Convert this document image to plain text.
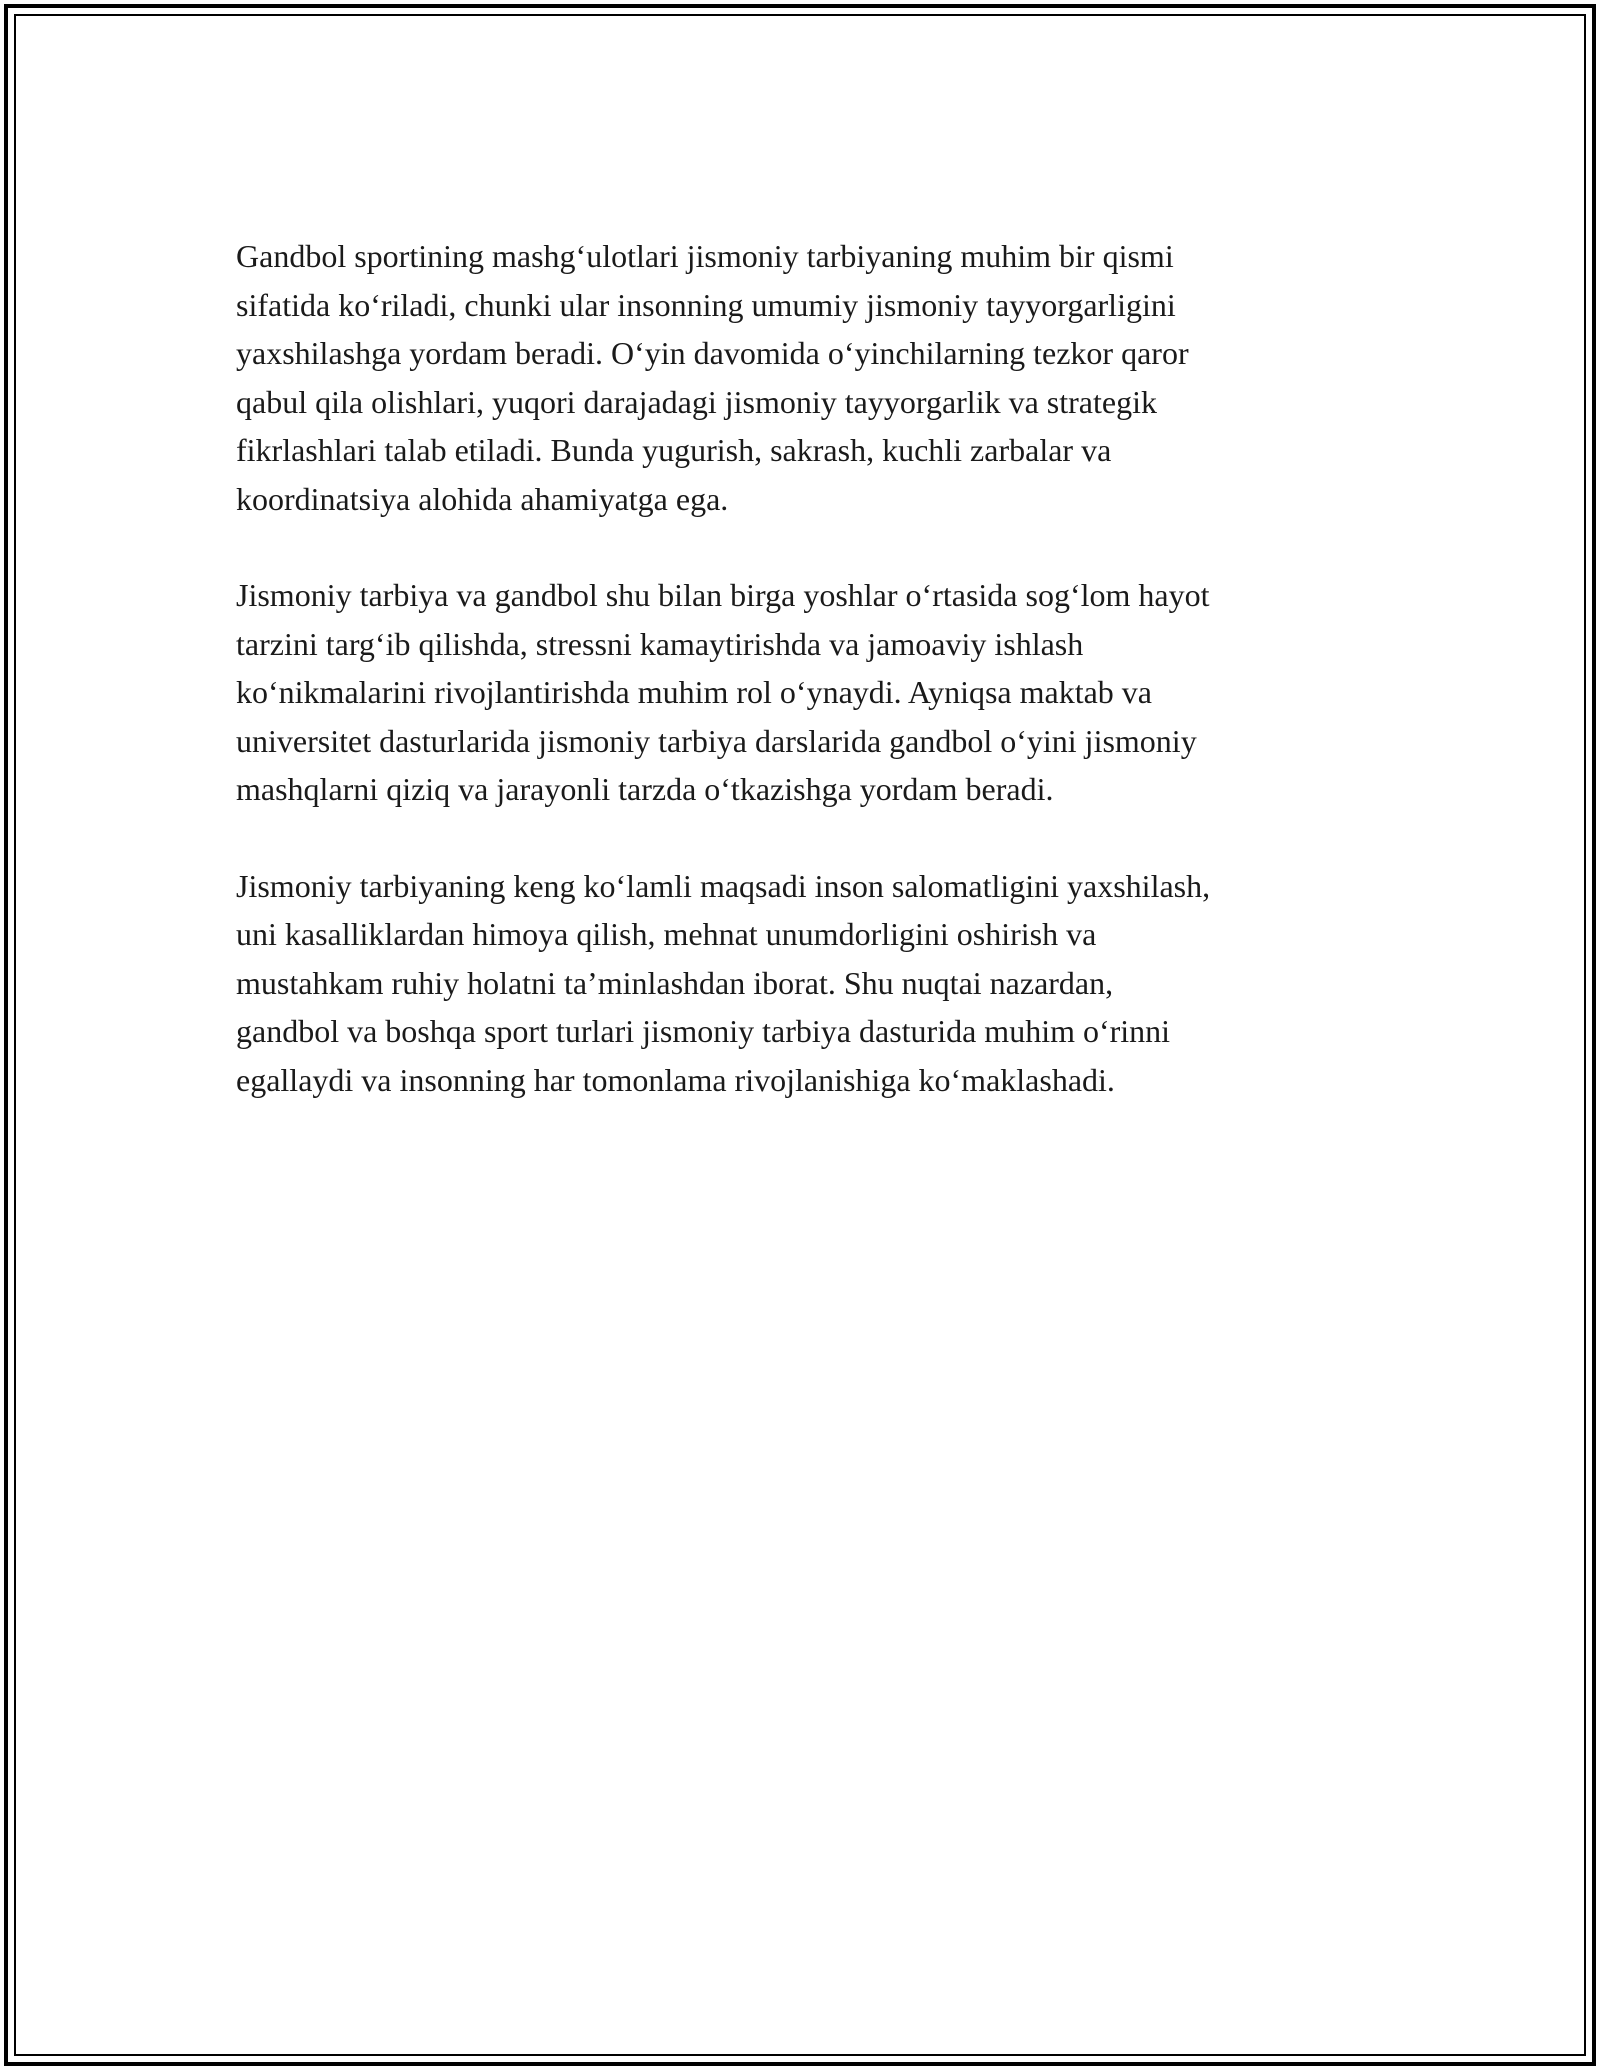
Gandbol sportining mashg‘ulotlari jismoniy tarbiyaning muhim bir qismi
sifatida ko‘riladi, chunki ular insonning umumiy jismoniy tayyorgarligini
yaxshilashga yordam beradi. O‘yin davomida o‘yinchilarning tezkor qaror
qabul qila olishlari, yuqori darajadagi jismoniy tayyorgarlik va strategik
fikrlashlari talab etiladi. Bunda yugurish, sakrash, kuchli zarbalar va
koordinatsiya alohida ahamiyatga ega.

Jismoniy tarbiya va gandbol shu bilan birga yoshlar o‘rtasida sog‘lom hayot
tarzini targ‘ib qilishda, stressni kamaytirishda va jamoaviy ishlash
ko‘nikmalarini rivojlantirishda muhim rol o‘ynaydi. Ayniqsa maktab va
universitet dasturlarida jismoniy tarbiya darslarida gandbol o‘yini jismoniy
mashqlarni qiziq va jarayonli tarzda o‘tkazishga yordam beradi.

Jismoniy tarbiyaning keng ko‘lamli maqsadi inson salomatligini yaxshilash,
uni kasalliklardan himoya qilish, mehnat unumdorligini oshirish va
mustahkam ruhiy holatni ta’minlashdan iborat. Shu nuqtai nazardan,
gandbol va boshqa sport turlari jismoniy tarbiya dasturida muhim o‘rinni
egallaydi va insonning har tomonlama rivojlanishiga ko‘maklashadi.
